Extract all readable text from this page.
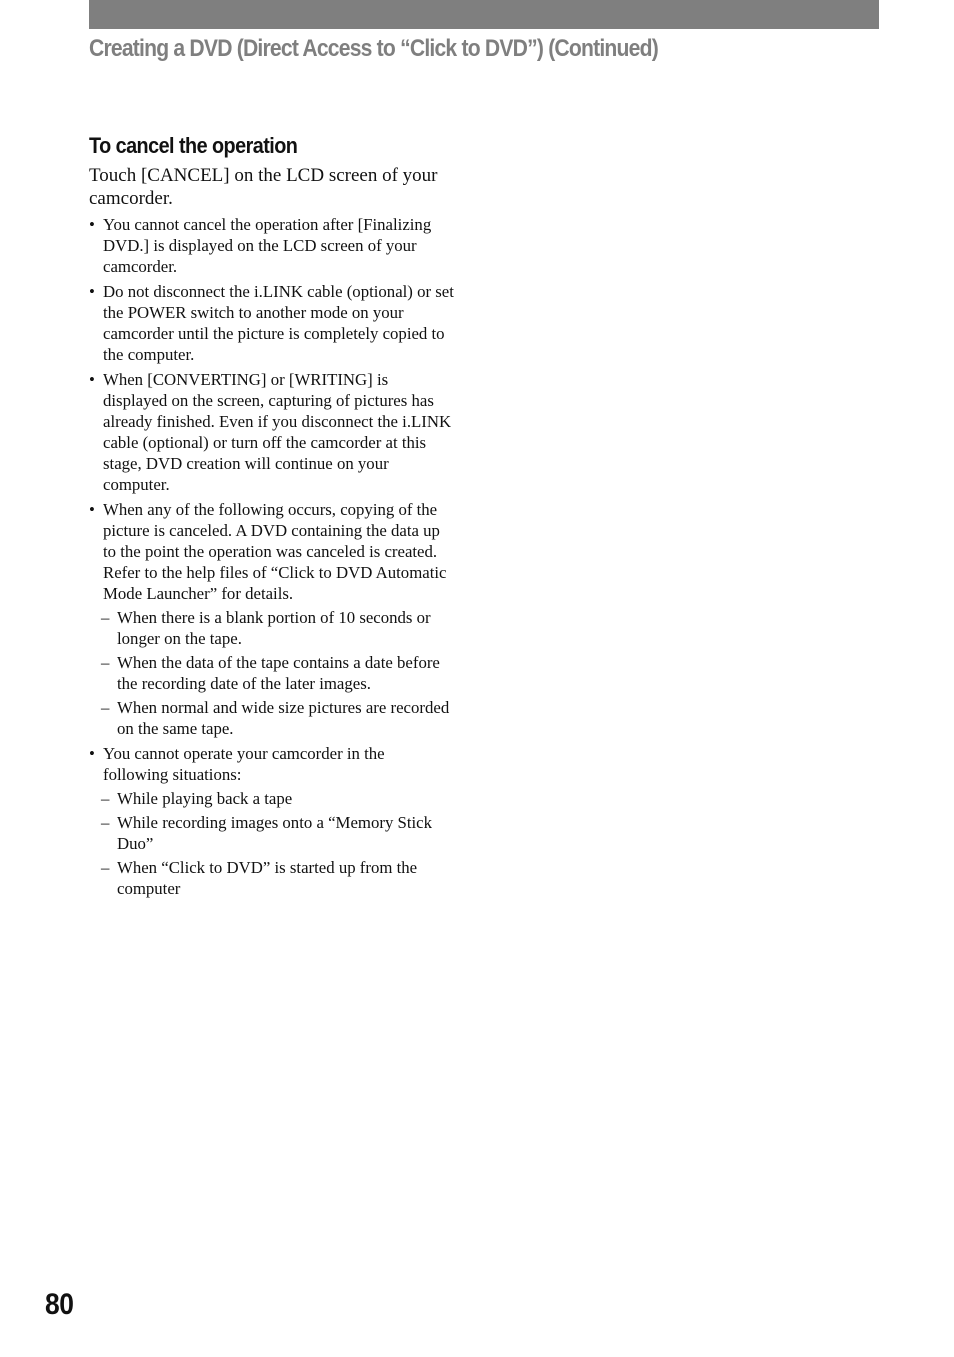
Creating a DVD (Direct Access to “Click to DVD”) (Continued)
To cancel the operation

Touch [CANCEL] on the LCD screen of your camcorder.

• You cannot cancel the operation after [Finalizing DVD.] is displayed on the LCD screen of your camcorder.
• Do not disconnect the i.LINK cable (optional) or set the POWER switch to another mode on your camcorder until the picture is completely copied to the computer.
• When [CONVERTING] or [WRITING] is displayed on the screen, capturing of pictures has already finished. Even if you disconnect the i.LINK cable (optional) or turn off the camcorder at this stage, DVD creation will continue on your computer.
• When any of the following occurs, copying of the picture is canceled. A DVD containing the data up to the point the operation was canceled is created. Refer to the help files of “Click to DVD Automatic Mode Launcher” for details.
– When there is a blank portion of 10 seconds or longer on the tape.
– When the data of the tape contains a date before the recording date of the later images.
– When normal and wide size pictures are recorded on the same tape.
• You cannot operate your camcorder in the following situations:
– While playing back a tape
– While recording images onto a “Memory Stick Duo”
– When “Click to DVD” is started up from the computer

80
